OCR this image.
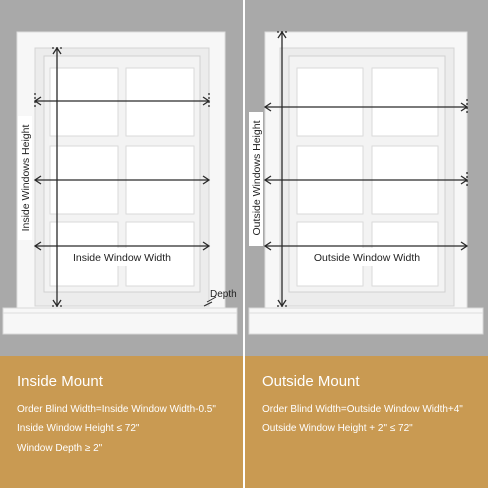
Depth
Inside Window Width
Inside Windows Height
Inside Mount
Order Blind Width=Inside Window Width-0.5"
Inside Window Height ≤ 72"
Window Depth ≥ 2"
Outside Window Width
Outside Windows Height
Outside Mount
Order Blind Width=Outside Window Width+4"
Outside Window Height + 2" ≤ 72"
